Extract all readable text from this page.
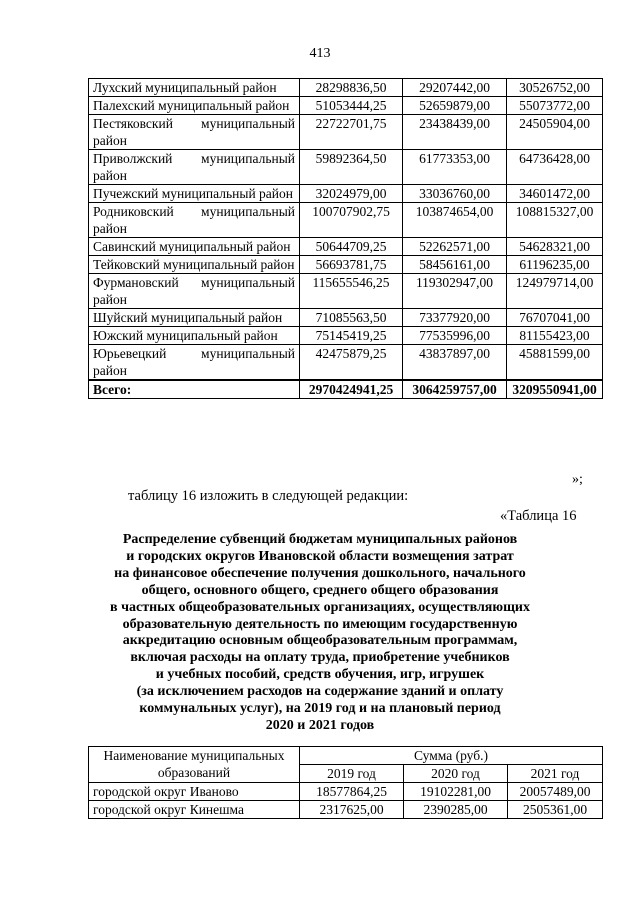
413
Лухский муниципальный район	28298836,50	29207442,00	30526752,00
Палехский муниципальный район	51053444,25	52659879,00	55073772,00
Пестяковский муниципальный район	22722701,75	23438439,00	24505904,00
Приволжский муниципальный район	59892364,50	61773353,00	64736428,00
Пучежский муниципальный район	32024979,00	33036760,00	34601472,00
Родниковский муниципальный район	100707902,75	103874654,00	108815327,00
Савинский муниципальный район	50644709,25	52262571,00	54628321,00
Тейковский муниципальный район	56693781,75	58456161,00	61196235,00
Фурмановский муниципальный район	115655546,25	119302947,00	124979714,00
Шуйский муниципальный район	71085563,50	73377920,00	76707041,00
Южский муниципальный район	75145419,25	77535996,00	81155423,00
Юрьевецкий муниципальный район	42475879,25	43837897,00	45881599,00
Всего:	2970424941,25	3064259757,00	3209550941,00
»;
таблицу 16 изложить в следующей редакции:
«Таблица 16
Распределение субвенций бюджетам муниципальных районов
и городских округов Ивановской области возмещения затрат
на финансовое обеспечение получения дошкольного, начального
общего, основного общего, среднего общего образования
в частных общеобразовательных организациях, осуществляющих
образовательную деятельность по имеющим государственную
аккредитацию основным общеобразовательным программам,
включая расходы на оплату труда, приобретение учебников
и учебных пособий, средств обучения, игр, игрушек
(за исключением расходов на содержание зданий и оплату
коммунальных услуг), на 2019 год и на плановый период
2020 и 2021 годов
Наименование муниципальных
образований	Сумма (руб.)		
	2019 год	2020 год	2021 год
городской округ Иваново	18577864,25	19102281,00	20057489,00
городской округ Кинешма	2317625,00	2390285,00	2505361,00
